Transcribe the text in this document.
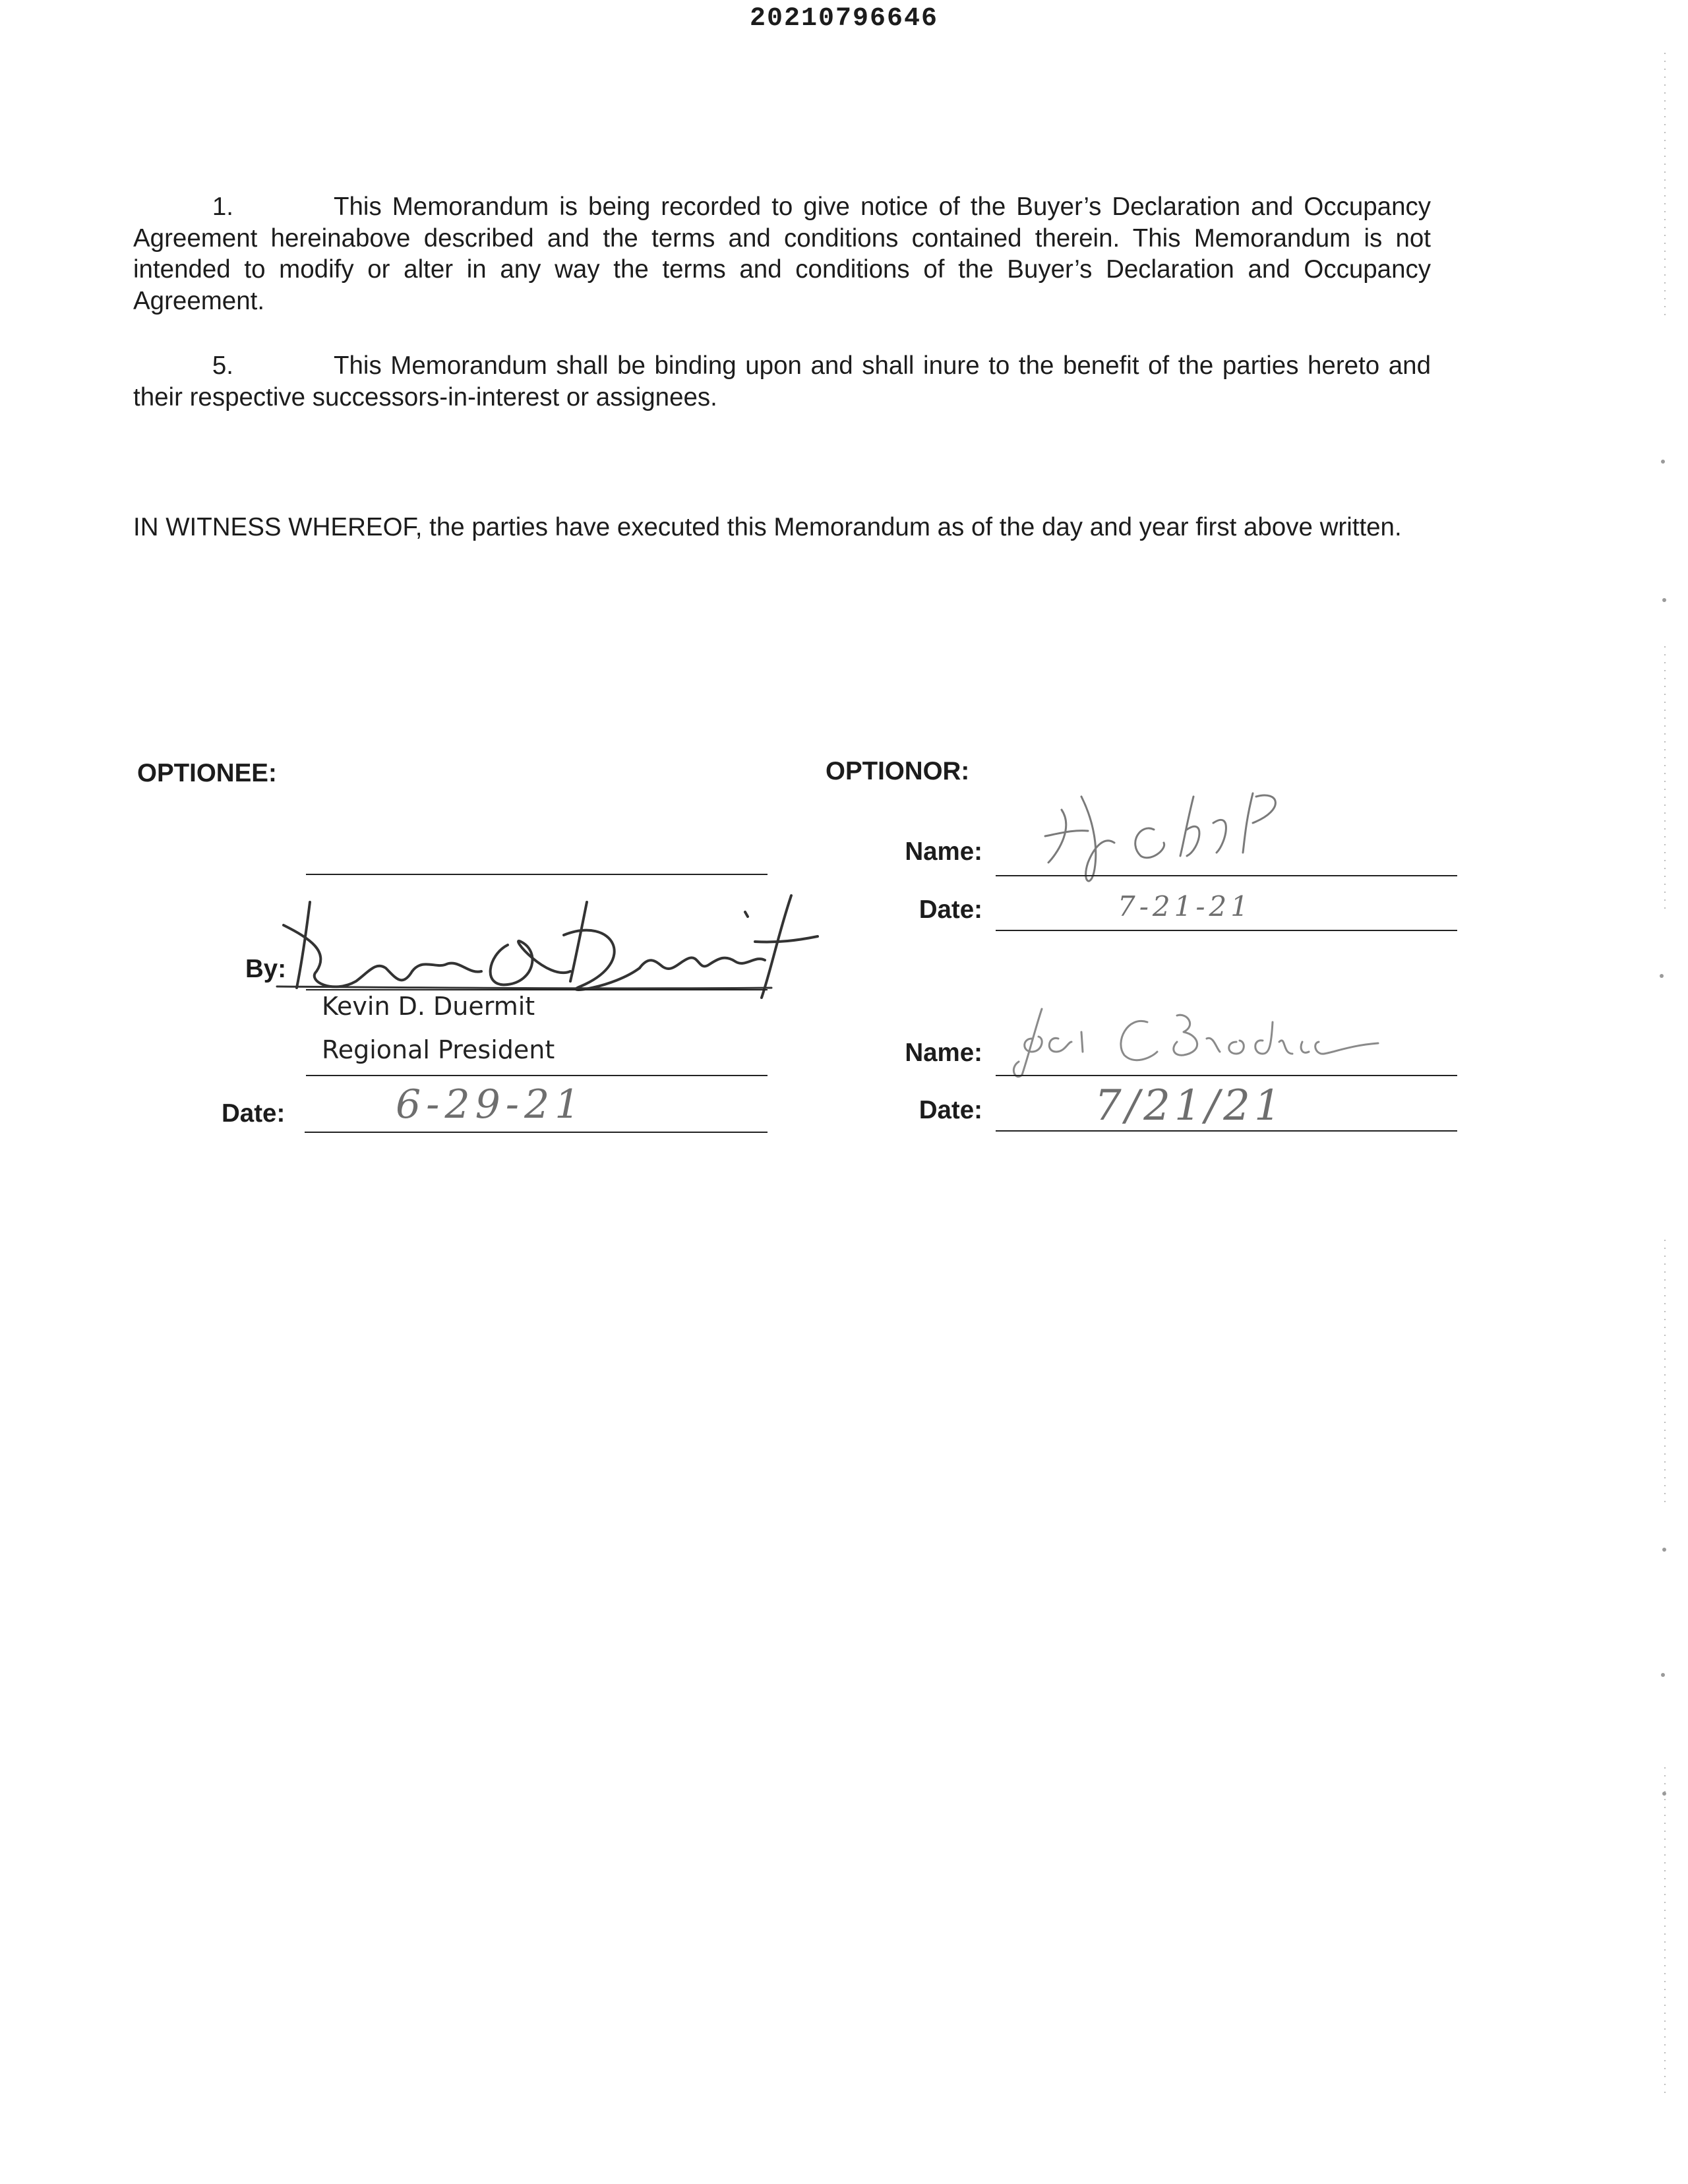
20210796646

1.	This Memorandum is being recorded to give notice of the Buyer’s Declaration and Occupancy Agreement hereinabove described and the terms and conditions contained therein. This Memorandum is not intended to modify or alter in any way the terms and conditions of the Buyer’s Declaration and Occupancy Agreement.

5.	This Memorandum shall be binding upon and shall inure to the benefit of the parties hereto and their respective successors-in-interest or assignees.

IN WITNESS WHEREOF, the parties have executed this Memorandum as of the day and year first above written.

OPTIONEE:
By:
Kevin D. Duermit
Regional President
Date:	6-29-21
OPTIONOR:
Name:
Date:	7-21-21
Name:
Date:	7/21/21
